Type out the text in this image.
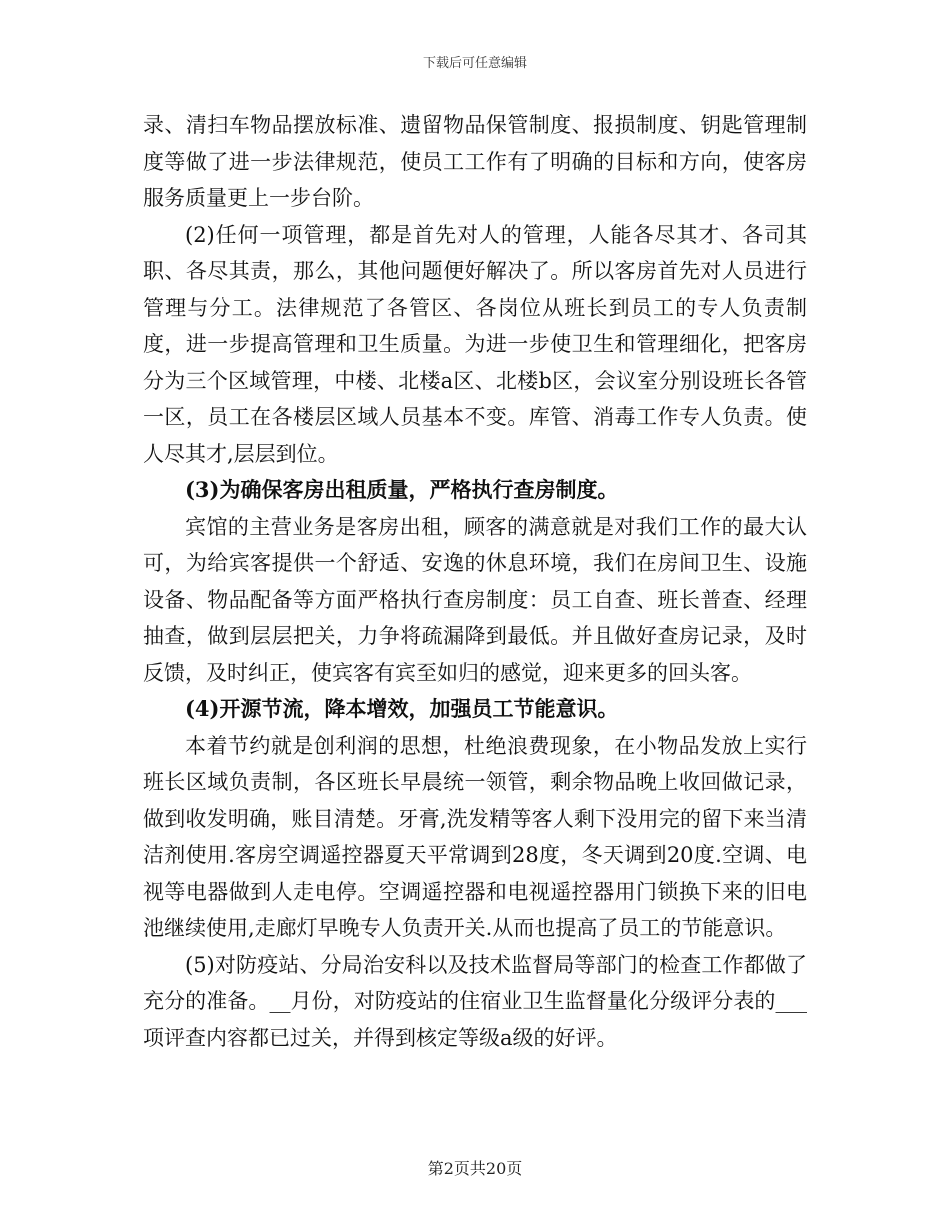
下载后可任意编辑

录、清扫车物品摆放标准、遗留物品保管制度、报损制度、钥匙管理制度等做了进一步法律规范，使员工工作有了明确的目标和方向，使客房服务质量更上一步台阶。

(2)任何一项管理，都是首先对人的管理，人能各尽其才、各司其职、各尽其责，那么，其他问题便好解决了。所以客房首先对人员进行管理与分工。法律规范了各管区、各岗位从班长到员工的专人负责制度，进一步提高管理和卫生质量。为进一步使卫生和管理细化，把客房分为三个区域管理，中楼、北楼a区、北楼b区，会议室分别设班长各管一区，员工在各楼层区域人员基本不变。库管、消毒工作专人负责。使人尽其才,层层到位。

(3)为确保客房出租质量，严格执行查房制度。

宾馆的主营业务是客房出租，顾客的满意就是对我们工作的最大认可，为给宾客提供一个舒适、安逸的休息环境，我们在房间卫生、设施设备、物品配备等方面严格执行查房制度：员工自查、班长普查、经理抽查，做到层层把关，力争将疏漏降到最低。并且做好查房记录，及时反馈，及时纠正，使宾客有宾至如归的感觉，迎来更多的回头客。

(4)开源节流，降本增效，加强员工节能意识。

本着节约就是创利润的思想，杜绝浪费现象，在小物品发放上实行班长区域负责制，各区班长早晨统一领管，剩余物品晚上收回做记录，做到收发明确，账目清楚。牙膏,洗发精等客人剩下没用完的留下来当清洁剂使用.客房空调遥控器夏天平常调到28度，冬天调到20度.空调、电视等电器做到人走电停。空调遥控器和电视遥控器用门锁换下来的旧电池继续使用,走廊灯早晚专人负责开关.从而也提高了员工的节能意识。

(5)对防疫站、分局治安科以及技术监督局等部门的检查工作都做了充分的准备。__月份，对防疫站的住宿业卫生监督量化分级评分表的___项评查内容都已过关，并得到核定等级a级的好评。

第2页共20页
